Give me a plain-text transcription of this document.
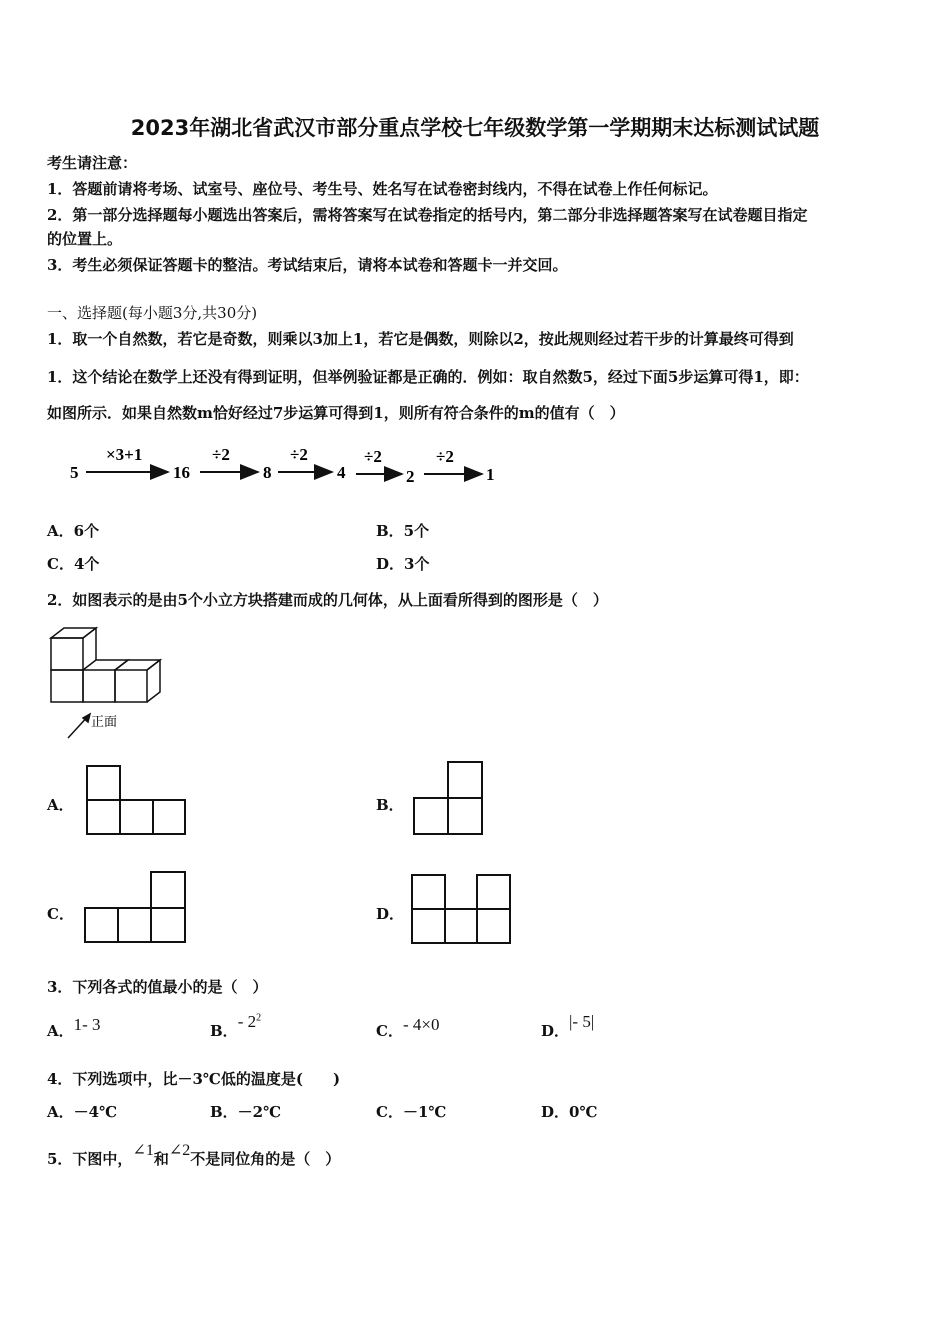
2023年湖北省武汉市部分重点学校七年级数学第一学期期末达标测试试题
考生请注意：
1．答题前请将考场、试室号、座位号、考生号、姓名写在试卷密封线内，不得在试卷上作任何标记。
2．第一部分选择题每小题选出答案后，需将答案写在试卷指定的括号内，第二部分非选择题答案写在试卷题目指定
的位置上。
3．考生必须保证答题卡的整洁。考试结束后，请将本试卷和答题卡一并交回。
一、选择题(每小题3分,共30分)
1．取一个自然数，若它是奇数，则乘以3加上1，若它是偶数，则除以2，按此规则经过若干步的计算最终可得到
1．这个结论在数学上还没有得到证明，但举例验证都是正确的．例如：取自然数5，经过下面5步运算可得1，即：
如图所示．如果自然数m恰好经过7步运算可得到1，则所有符合条件的m的值有（　）
5
×3+1
16
÷2
8
÷2
4
÷2
2
÷2
1
A．6个	B．5个
C．4个	D．3个
2．如图表示的是由5个小立方块搭建而成的几何体，从上面看所得到的图形是（　）
正面
A．	B．
C．	D．
3．下列各式的值最小的是（　）
A．1- 3	B．- $2^2$
C．- 4×0	D．|- 5|
4．下列选项中，比－3℃低的温度是(　　)
A．－4℃	B．－2℃	C．－1℃	D．0℃
5．下图中，∠1和∠2不是同位角的是（　）
